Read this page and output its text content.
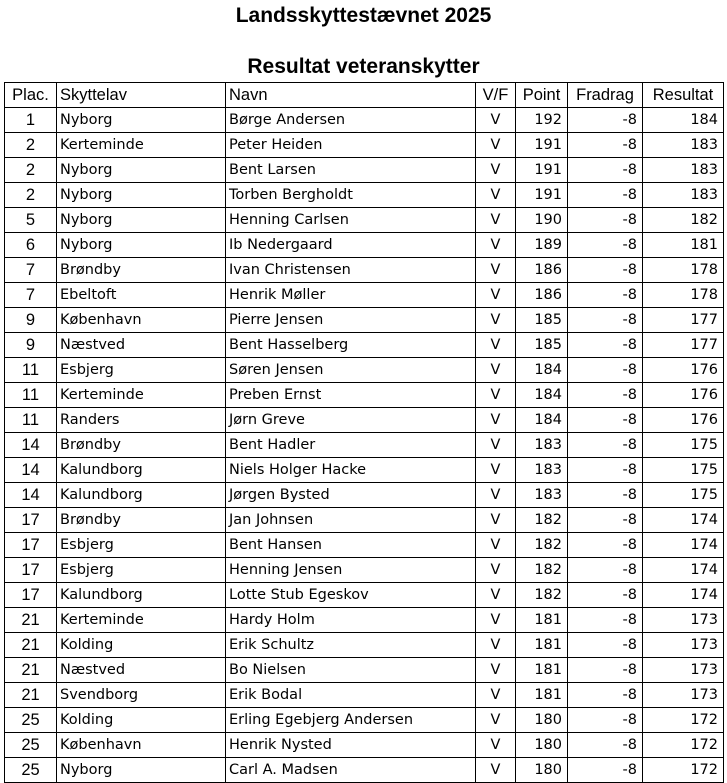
Landsskyttestævnet 2025
Resultat veteranskytter
Plac.	Skyttelav	Navn	V/F	Point	Fradrag	Resultat
1	Nyborg	Børge Andersen	V	192	-8	184
2	Kerteminde	Peter Heiden	V	191	-8	183
2	Nyborg	Bent Larsen	V	191	-8	183
2	Nyborg	Torben Bergholdt	V	191	-8	183
5	Nyborg	Henning Carlsen	V	190	-8	182
6	Nyborg	Ib Nedergaard	V	189	-8	181
7	Brøndby	Ivan Christensen	V	186	-8	178
7	Ebeltoft	Henrik Møller	V	186	-8	178
9	København	Pierre Jensen	V	185	-8	177
9	Næstved	Bent Hasselberg	V	185	-8	177
11	Esbjerg	Søren Jensen	V	184	-8	176
11	Kerteminde	Preben Ernst	V	184	-8	176
11	Randers	Jørn Greve	V	184	-8	176
14	Brøndby	Bent Hadler	V	183	-8	175
14	Kalundborg	Niels Holger Hacke	V	183	-8	175
14	Kalundborg	Jørgen Bysted	V	183	-8	175
17	Brøndby	Jan Johnsen	V	182	-8	174
17	Esbjerg	Bent Hansen	V	182	-8	174
17	Esbjerg	Henning Jensen	V	182	-8	174
17	Kalundborg	Lotte Stub Egeskov	V	182	-8	174
21	Kerteminde	Hardy Holm	V	181	-8	173
21	Kolding	Erik Schultz	V	181	-8	173
21	Næstved	Bo Nielsen	V	181	-8	173
21	Svendborg	Erik Bodal	V	181	-8	173
25	Kolding	Erling Egebjerg Andersen	V	180	-8	172
25	København	Henrik Nysted	V	180	-8	172
25	Nyborg	Carl A. Madsen	V	180	-8	172
